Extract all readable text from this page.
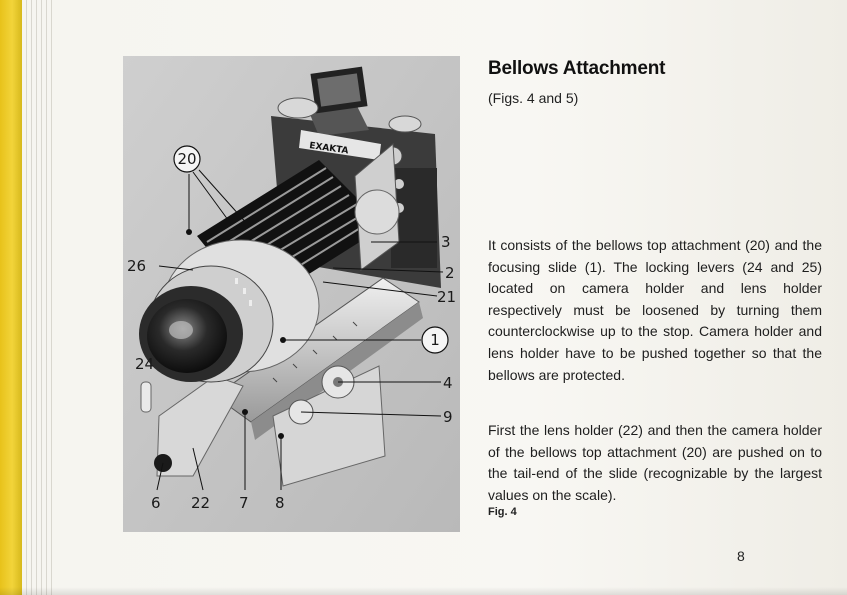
EXAKTA
20
1
26
3
2
21
24
4
9
6 22 7 8
Bellows Attachment
(Figs. 4 and 5)

It consists of the bellows top attachment (20) and the focusing slide (1). The locking levers (24 and 25) located on camera holder and lens holder respectively must be loosened by turning them counterclockwise up to the stop. Camera holder and lens holder have to be pushed together so that the bellows are protected.

First the lens holder (22) and then the camera holder of the bellows top attachment (20) are pushed on to the tail-end of the slide (recognizable by the largest values on the scale).

Fig. 4
8
